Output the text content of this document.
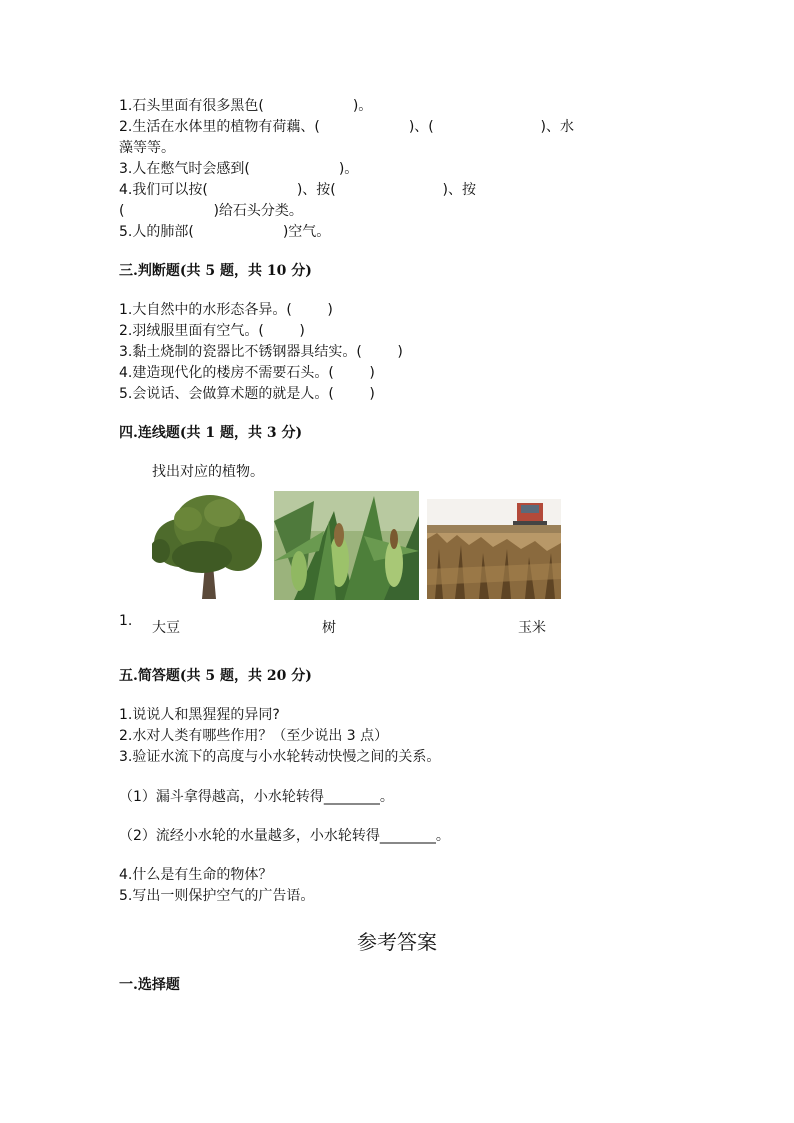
1.石头里面有很多黑色(                    )。
2.生活在水体里的植物有荷藕、(                    )、(                        )、水
藻等等。
3.人在憋气时会感到(                    )。
4.我们可以按(                    )、按(                        )、按
(                    )给石头分类。
5.人的肺部(                    )空气。
三.判断题(共 5 题，共 10 分)
1.大自然中的水形态各异。(        )
2.羽绒服里面有空气。(        )
3.黏土烧制的瓷器比不锈钢器具结实。(        )
4.建造现代化的楼房不需要石头。(        )
5.会说话、会做算术题的就是人。(        )
四.连线题(共 1 题，共 3 分)
找出对应的植物。
1. 大豆	树	玉米
五.简答题(共 5 题，共 20 分)
1.说说人和黑猩猩的异同?
2.水对人类有哪些作用？（至少说出 3 点）
3.验证水流下的高度与小水轮转动快慢之间的关系。
（1）漏斗拿得越高，小水轮转得________。
（2）流经小水轮的水量越多，小水轮转得________。
4.什么是有生命的物体？
5.写出一则保护空气的广告语。
参考答案
一.选择题
